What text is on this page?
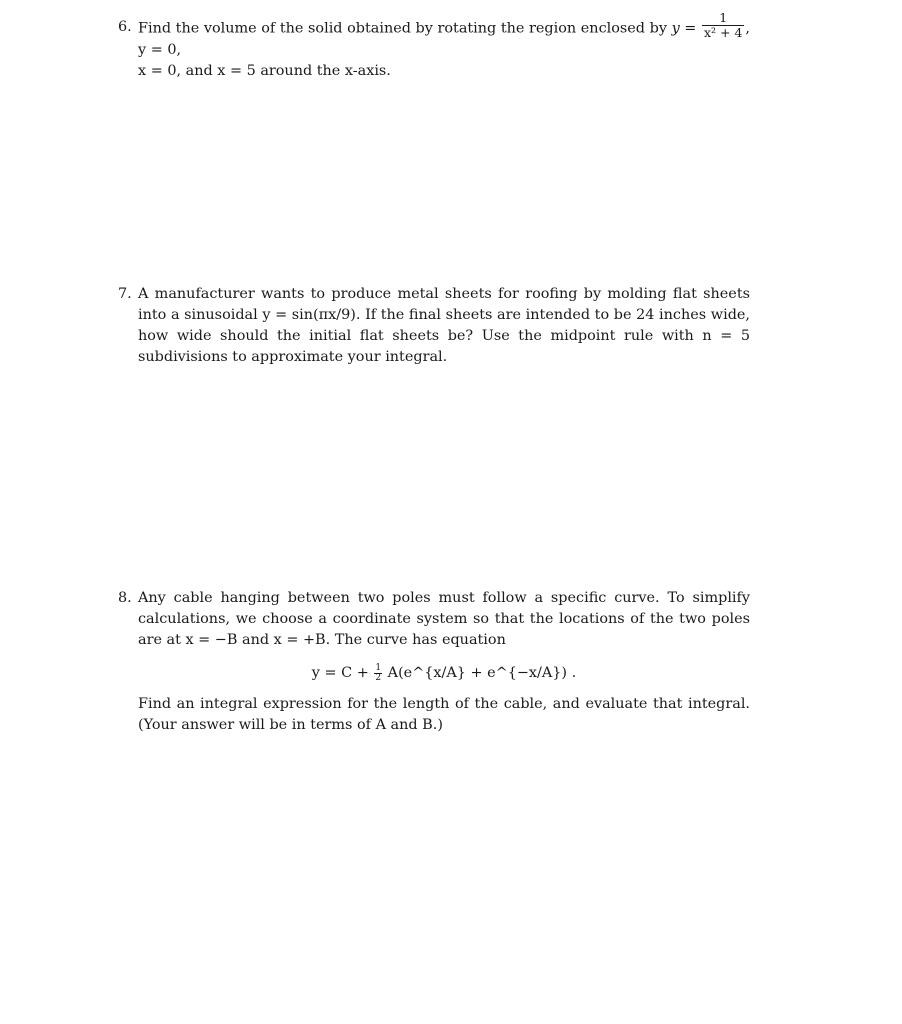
6. Find the volume of the solid obtained by rotating the region enclosed by $y = \frac{1}{\text{x² + 4}}$ , y = 0,
x = 0, and x = 5 around the x-axis.
7. A manufacturer wants to produce metal sheets for roofing by molding flat sheets into a sinusoidal y = sin(πx/9). If the final sheets are intended to be 24 inches wide, how wide should the initial flat sheets be? Use the midpoint rule with n = 5 subdivisions to approximate your integral.
8. Any cable hanging between two poles must follow a specific curve. To simplify calculations, we choose a coordinate system so that the locations of the two poles are at x = −B and x = +B. The curve has equation
$y = C + \frac{1}{2}$ A(e^{x/A} + e^{−x/A}) .
Find an integral expression for the length of the cable, and evaluate that integral. (Your answer will be in terms of A and B.)
